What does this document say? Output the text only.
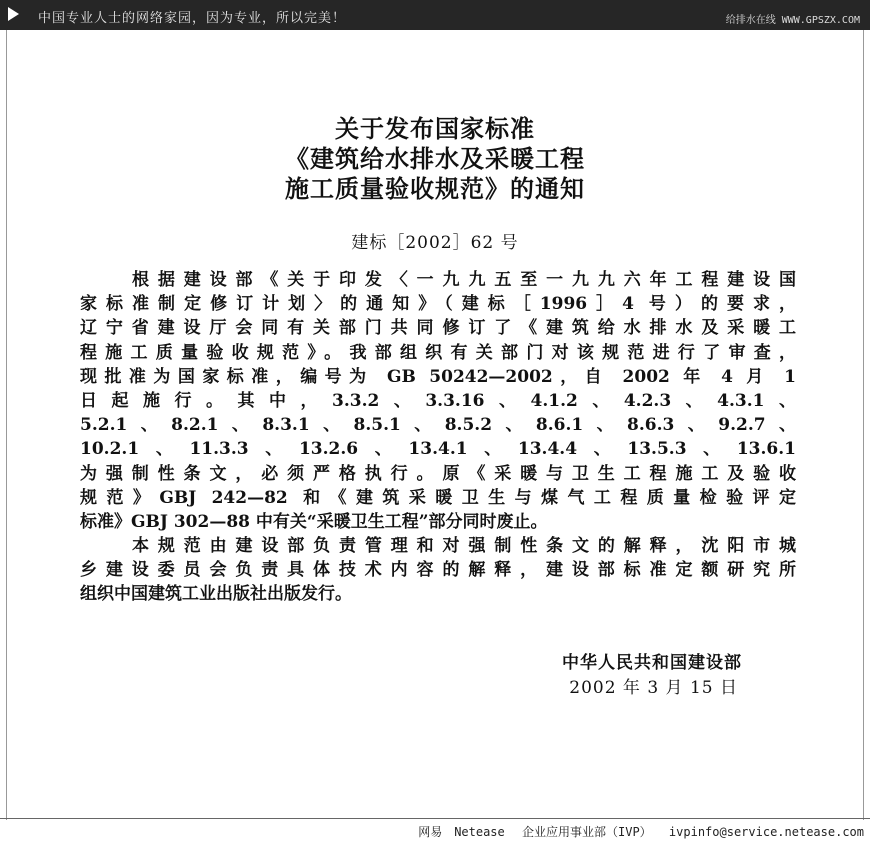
中国专业人士的网络家园，因为专业，所以完美！	给排水在线 WWW.GPSZX.COM
关于发布国家标准
《建筑给水排水及采暖工程
施工质量验收规范》的通知
建标［2002］62 号
根据建设部《关于印发〈一九九五至一九九六年工程建设国
家标准制定修订计划〉的通知》（建标［1996］4 号）的要求，
辽宁省建设厅会同有关部门共同修订了《建筑给水排水及采暖工
程施工质量验收规范》。我部组织有关部门对该规范进行了审查，
现批准为国家标准，编号为 GB 50242—2002，自 2002 年 4 月 1
日起施行。其中，3.3.2、3.3.16、4.1.2、4.2.3、4.3.1、
5.2.1、8.2.1、8.3.1、8.5.1、8.5.2、8.6.1、8.6.3、9.2.7、
10.2.1、11.3.3、13.2.6、13.4.1、13.4.4、13.5.3、13.6.1
为强制性条文，必须严格执行。原《采暖与卫生工程施工及验收
规范》GBJ 242—82 和《建筑采暖卫生与煤气工程质量检验评定
标准》GBJ 302—88 中有关“采暖卫生工程”部分同时废止。
本规范由建设部负责管理和对强制性条文的解释，沈阳市城
乡建设委员会负责具体技术内容的解释，建设部标准定额研究所
组织中国建筑工业出版社出版发行。
中华人民共和国建设部
2002 年 3 月 15 日
网易　Netease 企业应用事业部（IVP） ivpinfo@service.netease.com
